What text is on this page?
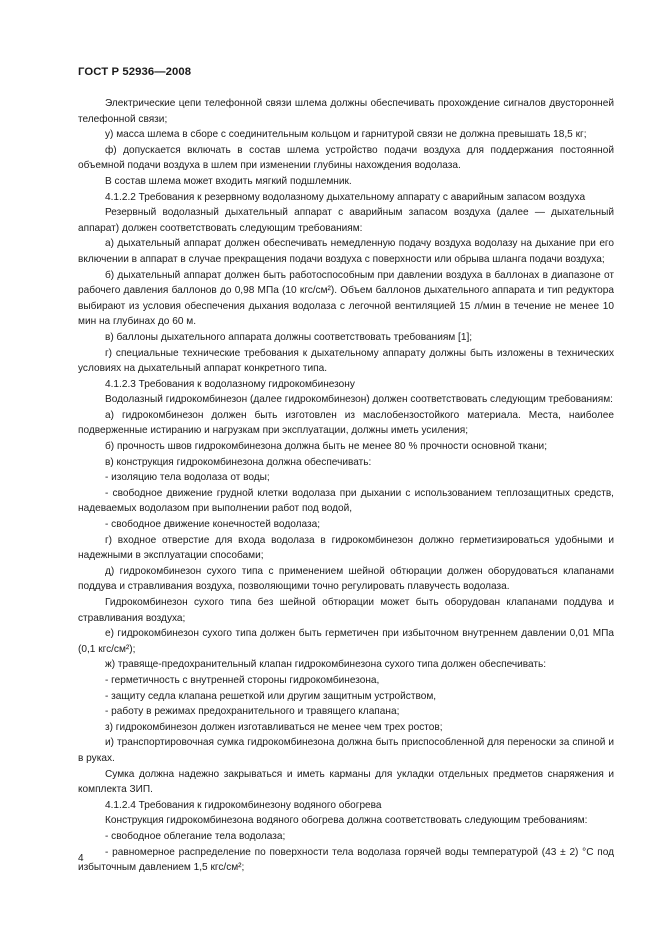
ГОСТ Р 52936—2008

Электрические цепи телефонной связи шлема должны обеспечивать прохождение сигналов двусторонней телефонной связи;

у) масса шлема в сборе с соединительным кольцом и гарнитурой связи не должна превышать 18,5 кг;

ф) допускается включать в состав шлема устройство подачи воздуха для поддержания постоянной объемной подачи воздуха в шлем при изменении глубины нахождения водолаза.

В состав шлема может входить мягкий подшлемник.

4.1.2.2 Требования к резервному водолазному дыхательному аппарату с аварийным запасом воздуха

Резервный водолазный дыхательный аппарат с аварийным запасом воздуха (далее — дыхательный аппарат) должен соответствовать следующим требованиям:

а) дыхательный аппарат должен обеспечивать немедленную подачу воздуха водолазу на дыхание при его включении в аппарат в случае прекращения подачи воздуха с поверхности или обрыва шланга подачи воздуха;

б) дыхательный аппарат должен быть работоспособным при давлении воздуха в баллонах в диапазоне от рабочего давления баллонов до 0,98 МПа (10 кгс/см²). Объем баллонов дыхательного аппарата и тип редуктора выбирают из условия обеспечения дыхания водолаза с легочной вентиляцией 15 л/мин в течение не менее 10 мин на глубинах до 60 м.

в) баллоны дыхательного аппарата должны соответствовать требованиям [1];

г) специальные технические требования к дыхательному аппарату должны быть изложены в технических условиях на дыхательный аппарат конкретного типа.

4.1.2.3 Требования к водолазному гидрокомбинезону

Водолазный гидрокомбинезон (далее гидрокомбинезон) должен соответствовать следующим требованиям:

а) гидрокомбинезон должен быть изготовлен из маслобензостойкого материала. Места, наиболее подверженные истиранию и нагрузкам при эксплуатации, должны иметь усиления;

б) прочность швов гидрокомбинезона должна быть не менее 80 % прочности основной ткани;

в) конструкция гидрокомбинезона должна обеспечивать:

- изоляцию тела водолаза от воды;

- свободное движение грудной клетки водолаза при дыхании с использованием теплозащитных средств, надеваемых водолазом при выполнении работ под водой,

- свободное движение конечностей водолаза;

г) входное отверстие для входа водолаза в гидрокомбинезон должно герметизироваться удобными и надежными в эксплуатации способами;

д) гидрокомбинезон сухого типа с применением шейной обтюрации должен оборудоваться клапанами поддува и стравливания воздуха, позволяющими точно регулировать плавучесть водолаза.

Гидрокомбинезон сухого типа без шейной обтюрации может быть оборудован клапанами поддува и стравливания воздуха;

е) гидрокомбинезон сухого типа должен быть герметичен при избыточном внутреннем давлении 0,01 МПа (0,1 кгс/см²);

ж) травяще-предохранительный клапан гидрокомбинезона сухого типа должен обеспечивать:

- герметичность с внутренней стороны гидрокомбинезона,

- защиту седла клапана решеткой или другим защитным устройством,

- работу в режимах предохранительного и травящего клапана;

з) гидрокомбинезон должен изготавливаться не менее чем трех ростов;

и) транспортировочная сумка гидрокомбинезона должна быть приспособленной для переноски за спиной и в руках.

Сумка должна надежно закрываться и иметь карманы для укладки отдельных предметов снаряжения и комплекта ЗИП.

4.1.2.4 Требования к гидрокомбинезону водяного обогрева

Конструкция гидрокомбинезона водяного обогрева должна соответствовать следующим требованиям:

- свободное облегание тела водолаза;

- равномерное распределение по поверхности тела водолаза горячей воды температурой (43 ± 2) °С под избыточным давлением 1,5 кгс/см²;

4
